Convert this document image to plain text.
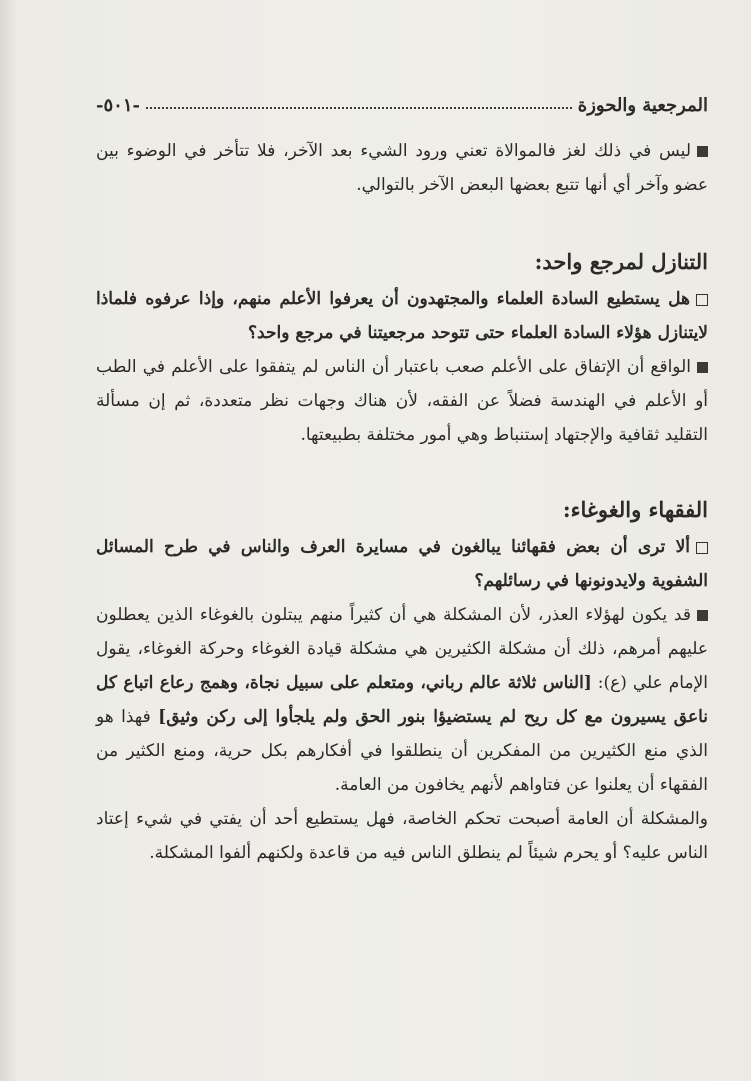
المرجعية والحوزة
-٥٠١-

ليس في ذلك لغز فالموالاة تعني ورود الشيء بعد الآخر، فلا تتأخر في الوضوء بين عضو وآخر أي أنها تتبع بعضها البعض الآخر بالتوالي.

التنازل لمرجع واحد:

هل يستطيع السادة العلماء والمجتهدون أن يعرفوا الأعلم منهم، وإذا عرفوه فلماذا لايتنازل هؤلاء السادة العلماء حتى تتوحد مرجعيتنا في مرجع واحد؟

الواقع أن الإتفاق على الأعلم صعب باعتبار أن الناس لم يتفقوا على الأعلم في الطب أو الأعلم في الهندسة فضلاً عن الفقه، لأن هناك وجهات نظر متعددة، ثم إن مسألة التقليد ثقافية والإجتهاد إستنباط وهي أمور مختلفة بطبيعتها.

الفقهاء والغوغاء:

ألا ترى أن بعض فقهائنا يبالغون في مسايرة العرف والناس في طرح المسائل الشفوية ولايدونونها في رسائلهم؟

قد يكون لهؤلاء العذر، لأن المشكلة هي أن كثيراً منهم يبتلون بالغوغاء الذين يعطلون عليهم أمرهم، ذلك أن مشكلة الكثيرين هي مشكلة قيادة الغوغاء وحركة الغوغاء، يقول الإمام علي (ع): [الناس ثلاثة عالم رباني، ومتعلم على سبيل نجاة، وهمج رعاع اتباع كل ناعق يسيرون مع كل ريح لم يستضيؤا بنور الحق ولم يلجأوا إلى ركن وثيق] فهذا هو الذي منع الكثيرين من المفكرين أن ينطلقوا في أفكارهم بكل حرية، ومنع الكثير من الفقهاء أن يعلنوا عن فتاواهم لأنهم يخافون من العامة.

والمشكلة أن العامة أصبحت تحكم الخاصة، فهل يستطيع أحد أن يفتي في شيء إعتاد الناس عليه؟ أو يحرم شيئاً لم ينطلق الناس فيه من قاعدة ولكنهم ألفوا المشكلة.
